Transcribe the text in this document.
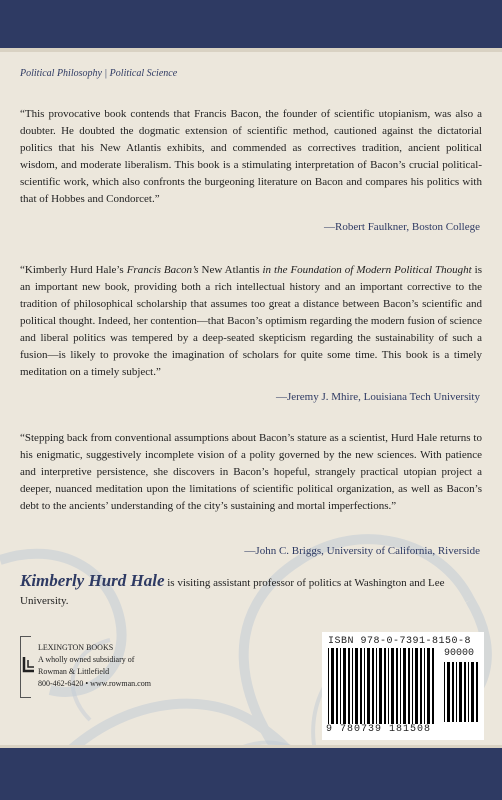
Political Philosophy | Political Science

“This provocative book contends that Francis Bacon, the founder of scientific utopianism, was also a doubter. He doubted the dogmatic extension of scientific method, cautioned against the dictatorial politics that his New Atlantis exhibits, and commended as correctives tradition, ancient political wisdom, and moderate liberalism. This book is a stimulating interpretation of Bacon’s crucial political-scientific work, which also confronts the burgeoning literature on Bacon and compares his politics with that of Hobbes and Condorcet.”

—Robert Faulkner, Boston College

“Kimberly Hurd Hale’s Francis Bacon’s New Atlantis in the Foundation of Modern Political Thought is an important new book, providing both a rich intellectual history and an important corrective to the tradition of philosophical scholarship that assumes too great a distance between Bacon’s scientific and political thought. Indeed, her contention—that Bacon’s optimism regarding the modern fusion of science and liberal politics was tempered by a deep-seated skepticism regarding the sustainability of such a fusion—is likely to provoke the imagination of scholars for quite some time. This book is a timely meditation on a timely subject.”

—Jeremy J. Mhire, Louisiana Tech University

“Stepping back from conventional assumptions about Bacon’s stature as a scientist, Hurd Hale returns to his enigmatic, suggestively incomplete vision of a polity governed by the new sciences. With patience and interpretive persistence, she discovers in Bacon’s hopeful, strangely practical utopian project a deeper, nuanced meditation upon the limitations of scientific political organization, as well as Bacon’s debt to the ancients’ understanding of the city’s sustaining and mortal imperfections.”

—John C. Briggs, University of California, Riverside

Kimberly Hurd Hale is visiting assistant professor of politics at Washington and Lee University.

LEXINGTON BOOKS
A wholly owned subsidiary of
Rowman & Littlefield
800-462-6420 • www.rowman.com
ISBN 978-0-7391-8150-8
90000
9 780739 181508
